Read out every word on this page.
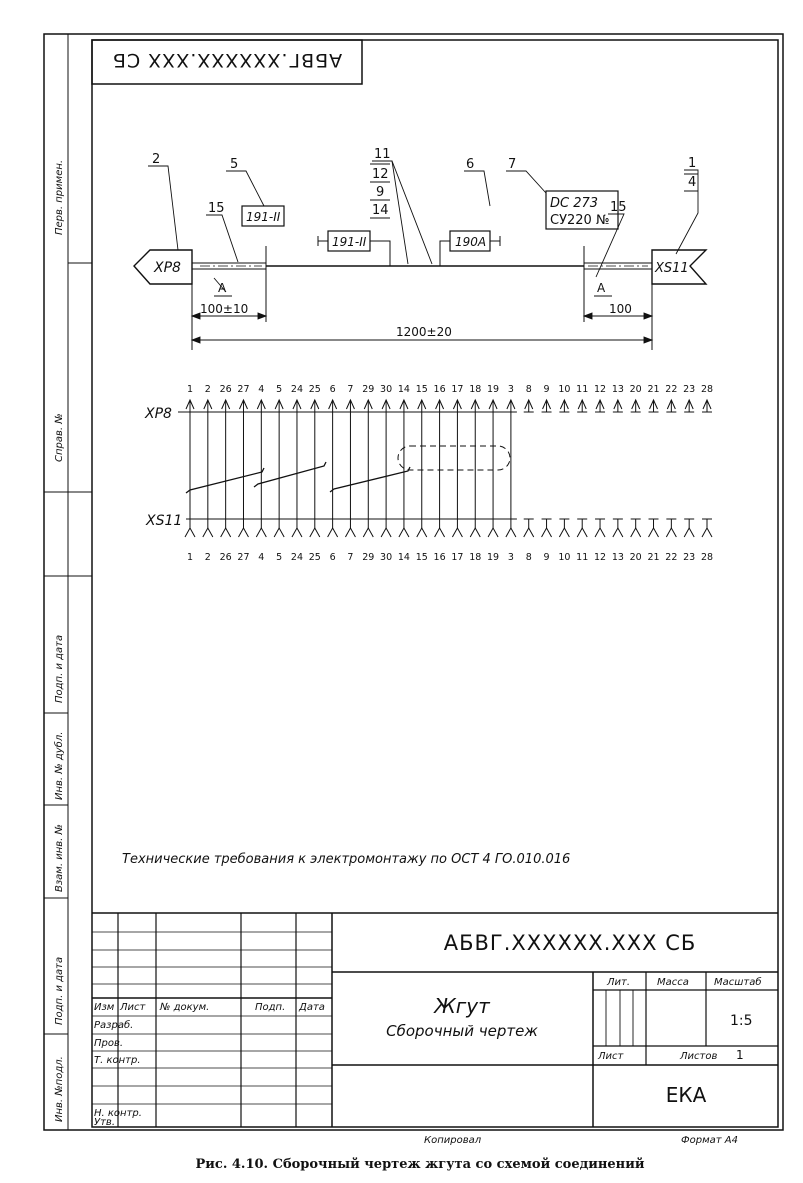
Перв. примен.
Справ. №
Подп. и дата
Инв. № дубл.
Взам. инв. №
Подп. и дата
Инв. №подл.
АБВГ.XXXXXX.XXX СБ
XP8	XS11
2
15
5
11
6	7	1
15
12
9
14
4
191-II
191-II	190A
DC 273
СУ220 №
A	A
100±10	100
1200±20
XP8
XS11
1 2 26 27 4 5 24 25 6 7 29 30 14 15 16 17 18 19 3 8 9 10 11 12 13 20 21 22 23 28
1 2 26 27 4 5 24 25 6 7 29 30 14 15 16 17 18 19 3 8 9 10 11 12 13 20 21 22 23 28
Технические требования к электромонтажу по ОСТ 4 ГО.010.016
Изм Лист № докум.	Подп. Дата
Разраб.
Пров.
Т. контр.
Н. контр.
Утв.
АБВГ.XXXXXX.XXX СБ
Жгут
Сборочный чертеж
Лит.	Масса	Масштаб
1:5
Лист	Листов 1
ЕКА
Копировал	Формат А4
Рис. 4.10. Сборочный чертеж жгута со схемой соединений
